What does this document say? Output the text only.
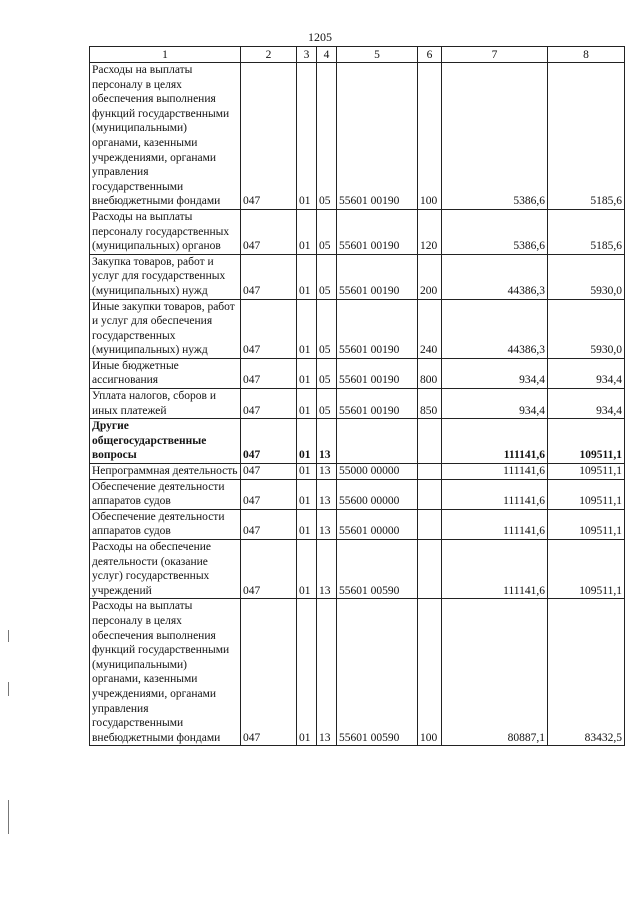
1205
1	2	3	4	5	6	7	8
Расходы на выплаты персоналу в целях обеспечения выполнения функций государственными (муниципальными) органами, казенными учреждениями, органами управления государственными внебюджетными фондами	047	01	05	55601 00190	100	5386,6	5185,6
Расходы на выплаты персоналу государственных (муниципальных) органов	047	01	05	55601 00190	120	5386,6	5185,6
Закупка товаров, работ и услуг для государственных (муниципальных) нужд	047	01	05	55601 00190	200	44386,3	5930,0
Иные закупки товаров, работ и услуг для обеспечения государственных (муниципальных) нужд	047	01	05	55601 00190	240	44386,3	5930,0
Иные бюджетные ассигнования	047	01	05	55601 00190	800	934,4	934,4
Уплата налогов, сборов и иных платежей	047	01	05	55601 00190	850	934,4	934,4
Другие общегосударственные вопросы	047	01	13			111141,6	109511,1
Непрограммная деятельность	047	01	13	55000 00000		111141,6	109511,1
Обеспечение деятельности аппаратов судов	047	01	13	55600 00000		111141,6	109511,1
Обеспечение деятельности аппаратов судов	047	01	13	55601 00000		111141,6	109511,1
Расходы на обеспечение деятельности (оказание услуг) государственных учреждений	047	01	13	55601 00590		111141,6	109511,1
Расходы на выплаты персоналу в целях обеспечения выполнения функций государственными (муниципальными) органами, казенными учреждениями, органами управления государственными внебюджетными фондами	047	01	13	55601 00590	100	80887,1	83432,5
